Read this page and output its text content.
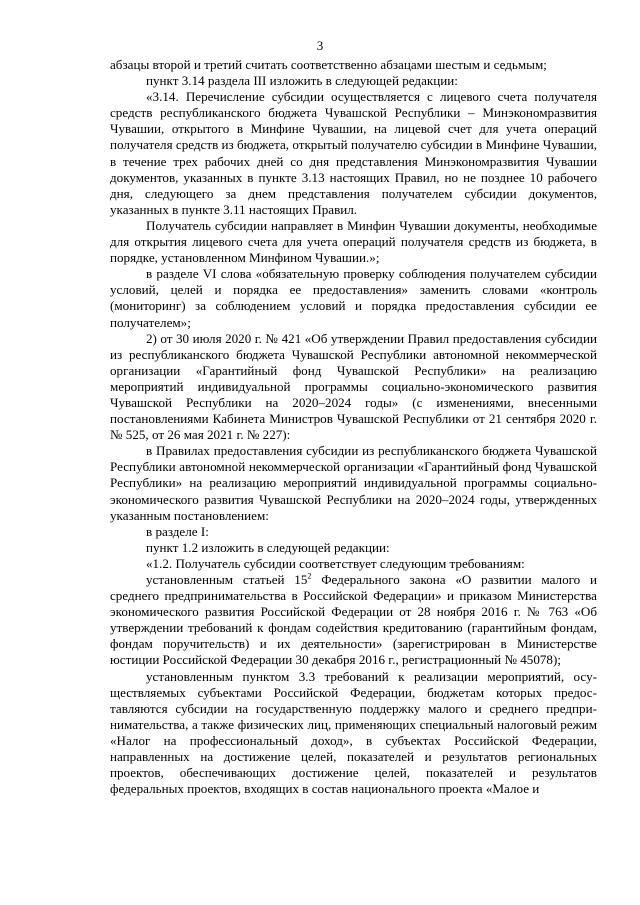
3

абзацы второй и третий считать соответственно абзацами шестым и седьмым;

пункт 3.14 раздела III изложить в следующей редакции:

«3.14. Перечисление субсидии осуществляется с лицевого счета получателя средств республиканского бюджета Чувашской Республики – Минэкономразвития Чувашии, открытого в Минфине Чувашии, на лицевой счет для учета операций получателя средств из бюджета, открытый получателю субсидии в Минфине Чувашии, в течение трех рабочих дней со дня представления Минэкономразвития Чувашии документов, указанных в пункте 3.13 настоящих Правил, но не позднее 10 рабочего дня, следующего за днем представления получателем субсидии документов, указанных в пункте 3.11 настоящих Правил.

Получатель субсидии направляет в Минфин Чувашии документы, необходимые для открытия лицевого счета для учета операций получателя средств из бюджета, в порядке, установленном Минфином Чувашии.»;

в разделе VI слова «обязательную проверку соблюдения получателем субсидии условий, целей и порядка ее предоставления» заменить словами «контроль (мониторинг) за соблюдением условий и порядка предоставления субсидии ее получателем»;

2) от 30 июля 2020 г. № 421 «Об утверждении Правил предоставления субсидии из республиканского бюджета Чувашской Республики автономной некоммерческой организации «Гарантийный фонд Чувашской Республики» на реализацию мероприятий индивидуальной программы социально-экономического развития Чувашской Республики на 2020–2024 годы» (с изменениями, внесенными постановлениями Кабинета Министров Чувашской Республики от 21 сентября 2020 г. № 525, от 26 мая 2021 г. № 227):

в Правилах предоставления субсидии из республиканского бюджета Чувашской Республики автономной некоммерческой организации «Гарантийный фонд Чувашской Республики» на реализацию мероприятий индивидуальной программы социально-экономического развития Чувашской Республики на 2020–2024 годы, утвержденных указанным постановлением:

в разделе I:

пункт 1.2 изложить в следующей редакции:

«1.2. Получатель субсидии соответствует следующим требованиям:

установленным статьей $15^2$ Федерального закона «О развитии малого и среднего предпринимательства в Российской Федерации» и приказом Министерства экономического развития Российской Федерации от 28 ноября 2016 г. № 763 «Об утверждении требований к фондам содействия кредитованию (гарантийным фондам, фондам поручительств) и их деятельности» (зарегистрирован в Министерстве юстиции Российской Федерации 30 декабря 2016 г., регистрационный № 45078);

установленным пунктом 3.3 требований к реализации мероприятий, осуществляемых субъектами Российской Федерации, бюджетам которых предоставляются субсидии на государственную поддержку малого и среднего предпринимательства, а также физических лиц, применяющих специальный налоговый режим «Налог на профессиональный доход», в субъектах Российской Федерации, направленных на достижение целей, показателей и результатов региональных проектов, обеспечивающих достижение целей, показателей и результатов федеральных проектов, входящих в состав национального проекта «Малое и
